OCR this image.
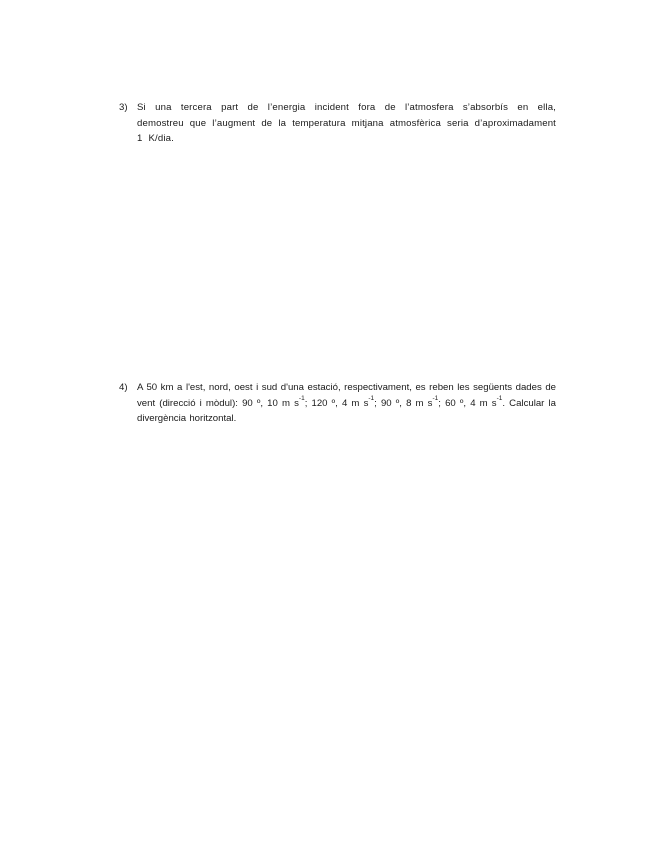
3) Si una tercera part de l’energia incident fora de l’atmosfera s’absorbís en ella, demostreu que l’augment de la temperatura mitjana atmosfèrica seria d’aproximadament 1 K/dia.
4) A 50 km a l'est, nord, oest i sud d'una estació, respectivament, es reben les següents dades de vent (direcció i mòdul): 90 º, 10 m $s^{-1}$; 120 º, 4 m $s^{-1}$; 90 º, 8 m $s^{-1}$; 60 º, 4 m $s^{-1}$. Calcular la divergència horitzontal.
